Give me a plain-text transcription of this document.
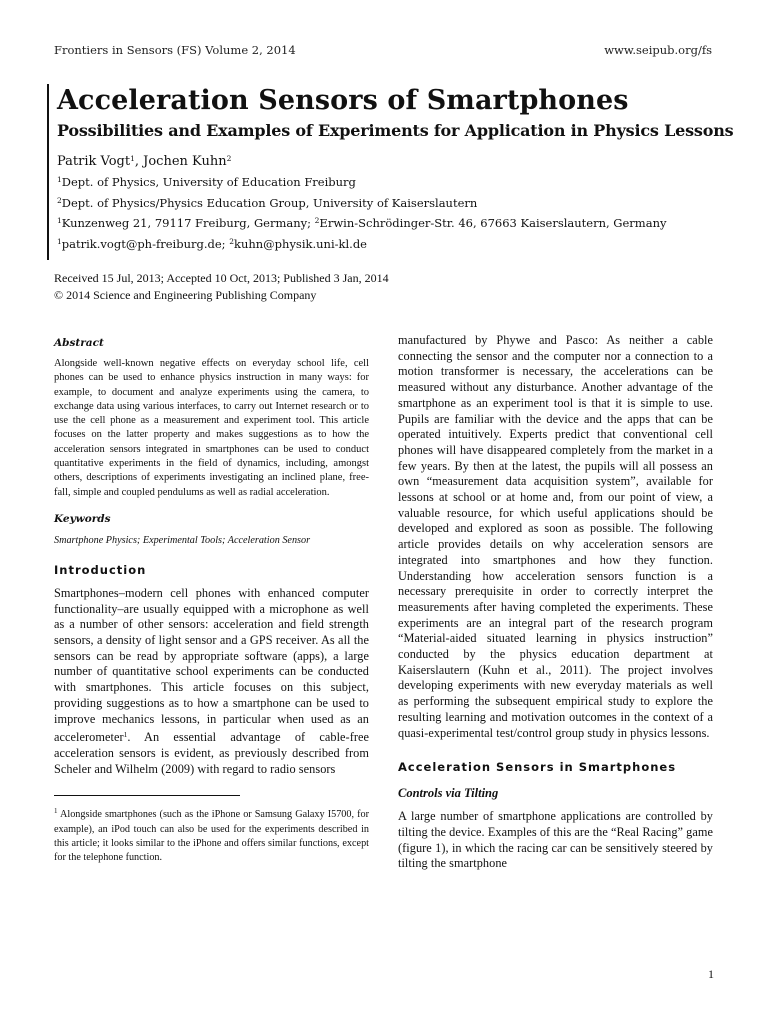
Frontiers in Sensors (FS) Volume 2, 2014	www.seipub.org/fs
Acceleration Sensors of Smartphones
Possibilities and Examples of Experiments for Application in Physics Lessons
Patrik Vogt$^1$, Jochen Kuhn$^2$
$^1$Dept. of Physics, University of Education Freiburg
$^2$Dept. of Physics/Physics Education Group, University of Kaiserslautern
$^1$Kunzenweg 21, 79117 Freiburg, Germany; $^2$Erwin-Schrödinger-Str. 46, 67663 Kaiserslautern, Germany
$^1$patrik.vogt@ph-freiburg.de; $^2$kuhn@physik.uni-kl.de
Received 15 Jul, 2013; Accepted 10 Oct, 2013; Published 3 Jan, 2014
© 2014 Science and Engineering Publishing Company

Abstract

Alongside well-known negative effects on everyday school life, cell phones can be used to enhance physics instruction in many ways: for example, to document and analyze experiments using the camera, to exchange data using various interfaces, to carry out Internet research or to use the cell phone as a measurement and experiment tool. This article focuses on the latter property and makes suggestions as to how the acceleration sensors integrated in smartphones can be used to conduct quantitative experiments in the field of dynamics, including, amongst others, descriptions of experiments investigating an inclined plane, free-fall, simple and coupled pendulums as well as radial acceleration.

Keywords

Smartphone Physics; Experimental Tools; Acceleration Sensor

Introduction

Smartphones–modern cell phones with enhanced computer functionality–are usually equipped with a microphone as well as a number of other sensors: acceleration and field strength sensors, a density of light sensor and a GPS receiver. As all the sensors can be read by appropriate software (apps), a large number of quantitative school experiments can be conducted with smartphones. This article focuses on this subject, providing suggestions as to how a smartphone can be used to improve mechanics lessons, in particular when used as an accelerometer$^1$. An essential advantage of cable-free acceleration sensors is evident, as previously described from Scheler and Wilhelm (2009) with regard to radio sensors

$^1$ Alongside smartphones (such as the iPhone or Samsung Galaxy I5700, for example), an iPod touch can also be used for the experiments described in this article; it looks similar to the iPhone and offers similar functions, except for the telephone function.

manufactured by Phywe and Pasco: As neither a cable connecting the sensor and the computer nor a connection to a motion transformer is necessary, the accelerations can be measured without any disturbance. Another advantage of the smartphone as an experiment tool is that it is simple to use. Pupils are familiar with the device and the apps that can be operated intuitively. Experts predict that conventional cell phones will have disappeared completely from the market in a few years. By then at the latest, the pupils will all possess an own “measurement data acquisition system”, available for lessons at school or at home and, from our point of view, a valuable resource, for which useful applications should be developed and explored as soon as possible. The following article provides details on why acceleration sensors are integrated into smartphones and how they function. Understanding how acceleration sensors function is a necessary prerequisite in order to correctly interpret the measurements after having completed the experiments. These experiments are an integral part of the research program “Material-aided situated learning in physics instruction” conducted by the physics education department at Kaiserslautern (Kuhn et al., 2011). The project involves developing experiments with new everyday materials as well as performing the subsequent empirical study to explore the resulting learning and motivation outcomes in the context of a quasi-experimental test/control group study in physics lessons.

Acceleration Sensors in Smartphones

Controls via Tilting

A large number of smartphone applications are controlled by tilting the device. Examples of this are the “Real Racing” game (figure 1), in which the racing car can be sensitively steered by tilting the smartphone

1
